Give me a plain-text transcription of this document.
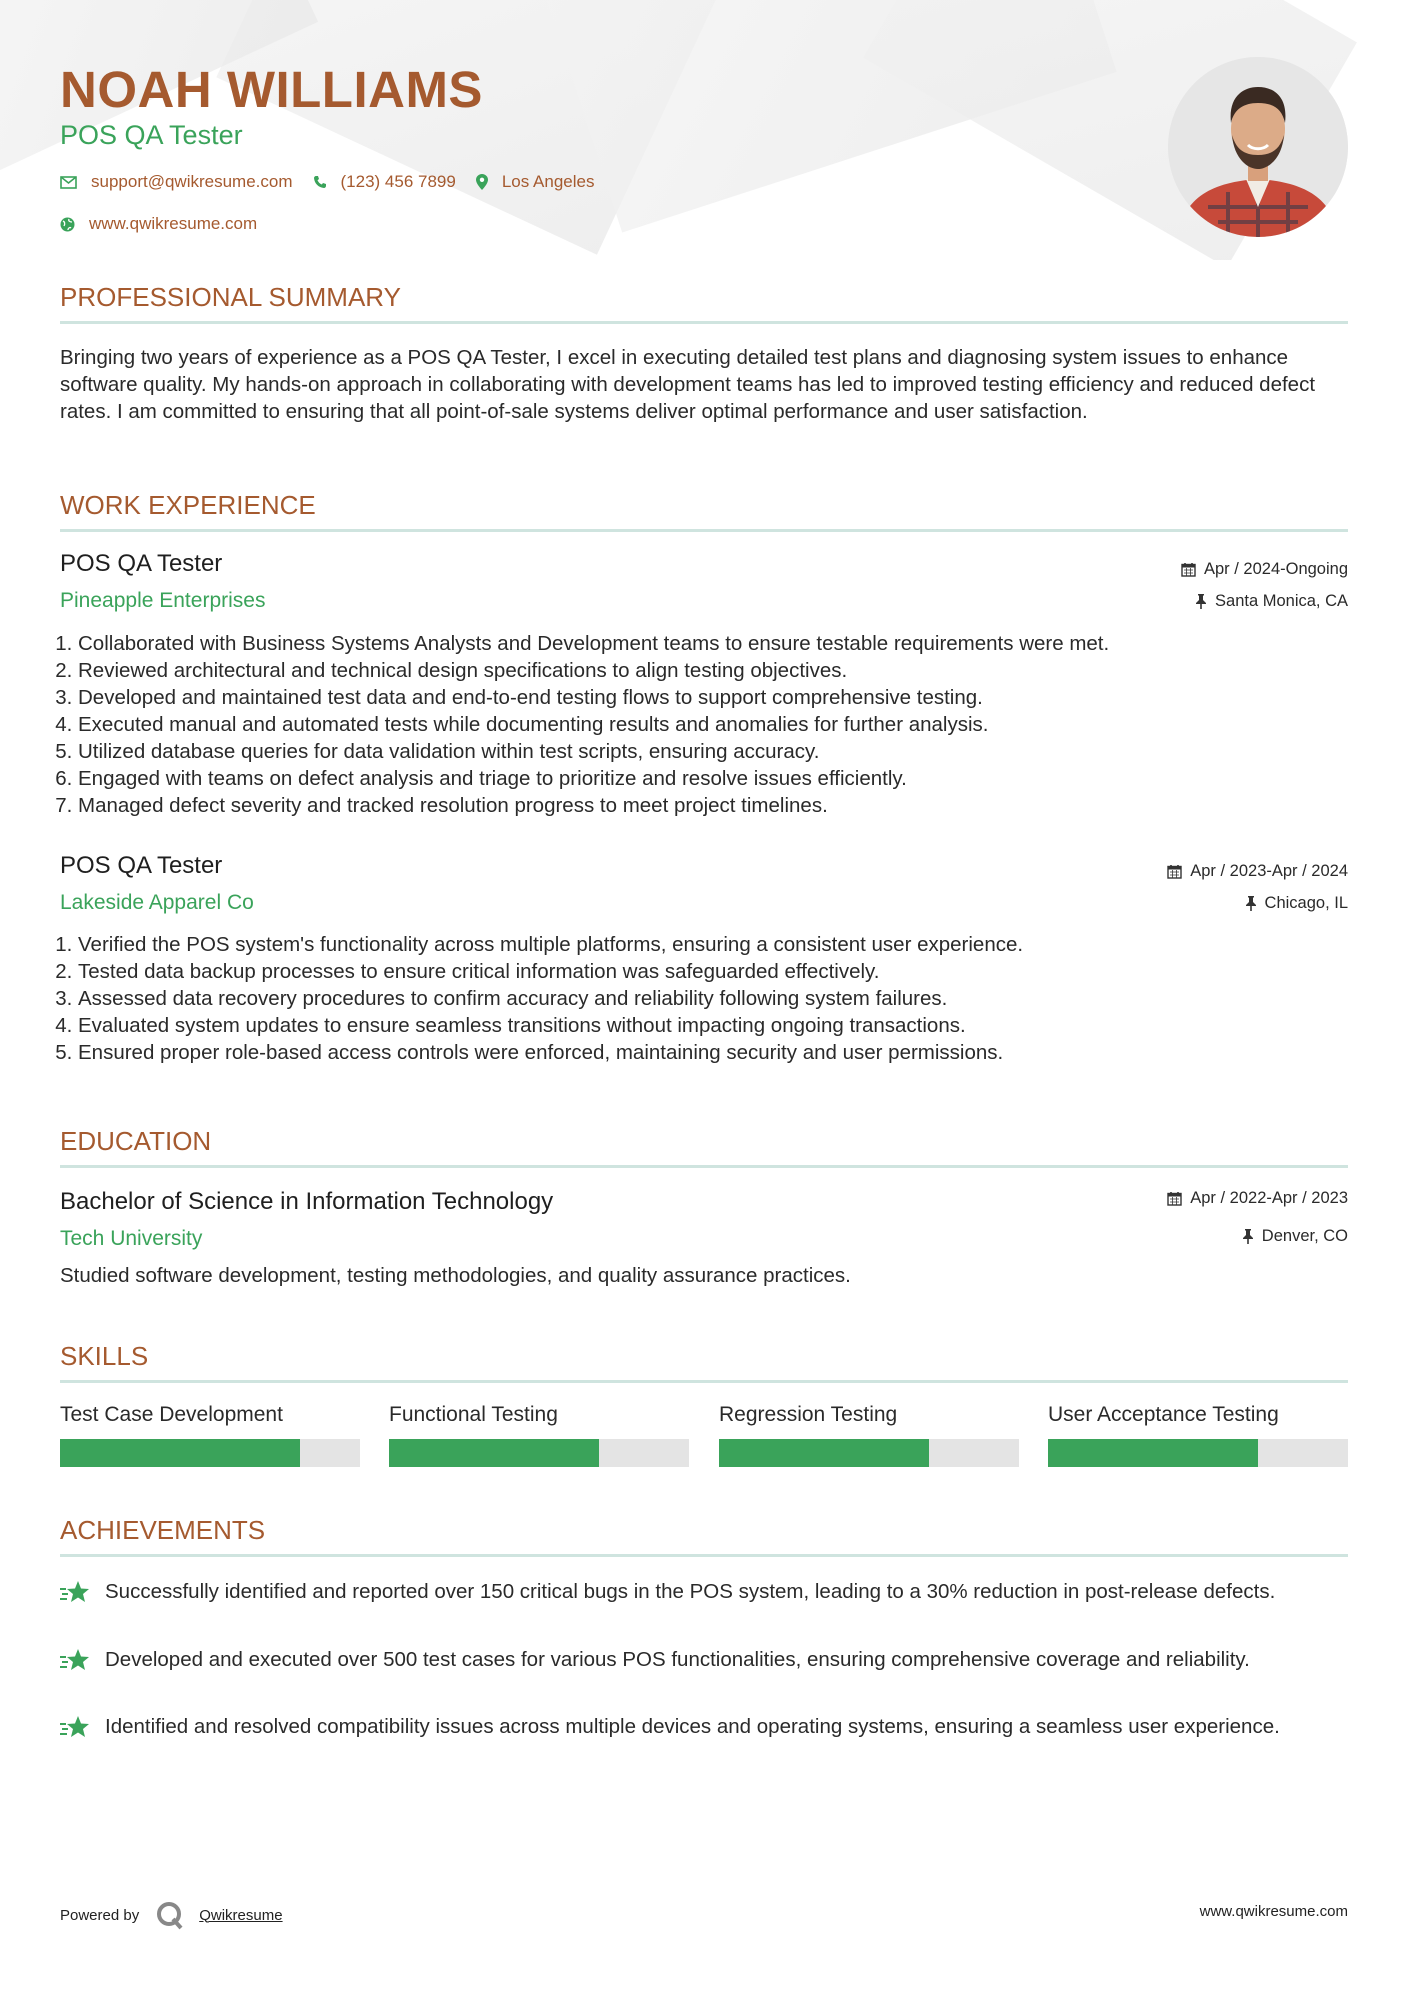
NOAH WILLIAMS
POS QA Tester
support@qwikresume.com	(123) 456 7899	Los Angeles
www.qwikresume.com
PROFESSIONAL SUMMARY
Bringing two years of experience as a POS QA Tester, I excel in executing detailed test plans and diagnosing system issues to enhance software quality. My hands-on approach in collaborating with development teams has led to improved testing efficiency and reduced defect rates. I am committed to ensuring that all point-of-sale systems deliver optimal performance and user satisfaction.
WORK EXPERIENCE
POS QA Tester	Apr / 2024-Ongoing
Pineapple Enterprises	Santa Monica, CA
1. Collaborated with Business Systems Analysts and Development teams to ensure testable requirements were met.
2. Reviewed architectural and technical design specifications to align testing objectives.
3. Developed and maintained test data and end-to-end testing flows to support comprehensive testing.
4. Executed manual and automated tests while documenting results and anomalies for further analysis.
5. Utilized database queries for data validation within test scripts, ensuring accuracy.
6. Engaged with teams on defect analysis and triage to prioritize and resolve issues efficiently.
7. Managed defect severity and tracked resolution progress to meet project timelines.
POS QA Tester	Apr / 2023-Apr / 2024
Lakeside Apparel Co	Chicago, IL
1. Verified the POS system's functionality across multiple platforms, ensuring a consistent user experience.
2. Tested data backup processes to ensure critical information was safeguarded effectively.
3. Assessed data recovery procedures to confirm accuracy and reliability following system failures.
4. Evaluated system updates to ensure seamless transitions without impacting ongoing transactions.
5. Ensured proper role-based access controls were enforced, maintaining security and user permissions.
EDUCATION
Bachelor of Science in Information Technology	Apr / 2022-Apr / 2023
Tech University	Denver, CO
Studied software development, testing methodologies, and quality assurance practices.
SKILLS
Test Case Development	Functional Testing	Regression Testing	User Acceptance Testing
ACHIEVEMENTS
Successfully identified and reported over 150 critical bugs in the POS system, leading to a 30% reduction in post-release defects.
Developed and executed over 500 test cases for various POS functionalities, ensuring comprehensive coverage and reliability.
Identified and resolved compatibility issues across multiple devices and operating systems, ensuring a seamless user experience.
Powered by	Qwikresume	www.qwikresume.com
